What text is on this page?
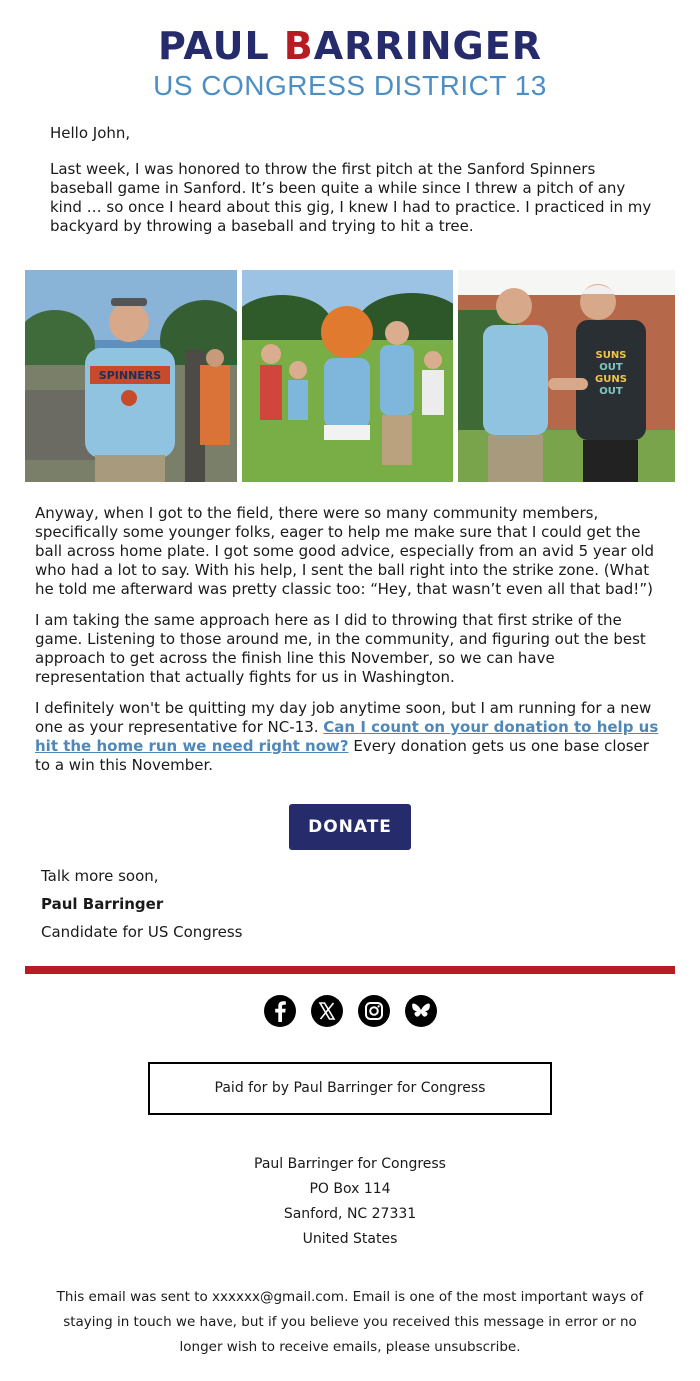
PAUL BARRINGER
US CONGRESS DISTRICT 13

Hello John,

Last week, I was honored to throw the first pitch at the Sanford Spinners baseball game in Sanford. It’s been quite a while since I threw a pitch of any kind … so once I heard about this gig, I knew I had to practice. I practiced in my backyard by throwing a baseball and trying to hit a tree.

SPINNERS
SUNS
OUT
GUNS
OUT

Anyway, when I got to the field, there were so many community members, specifically some younger folks, eager to help me make sure that I could get the ball across home plate. I got some good advice, especially from an avid 5 year old who had a lot to say. With his help, I sent the ball right into the strike zone. (What he told me afterward was pretty classic too: “Hey, that wasn’t even all that bad!”)

I am taking the same approach here as I did to throwing that first strike of the game. Listening to those around me, in the community, and figuring out the best approach to get across the finish line this November, so we can have representation that actually fights for us in Washington.

I definitely won't be quitting my day job anytime soon, but I am running for a new one as your representative for NC-13. Can I count on your donation to help us hit the home run we need right now? Every donation gets us one base closer to a win this November.

DONATE
Talk more soon,
Paul Barringer
Candidate for US Congress

Paid for by Paul Barringer for Congress
Paul Barringer for Congress
PO Box 114
Sanford, NC 27331
United States
This email was sent to xxxxxx@gmail.com. Email is one of the most important ways of staying in touch we have, but if you believe you received this message in error or no longer wish to receive emails, please unsubscribe.
